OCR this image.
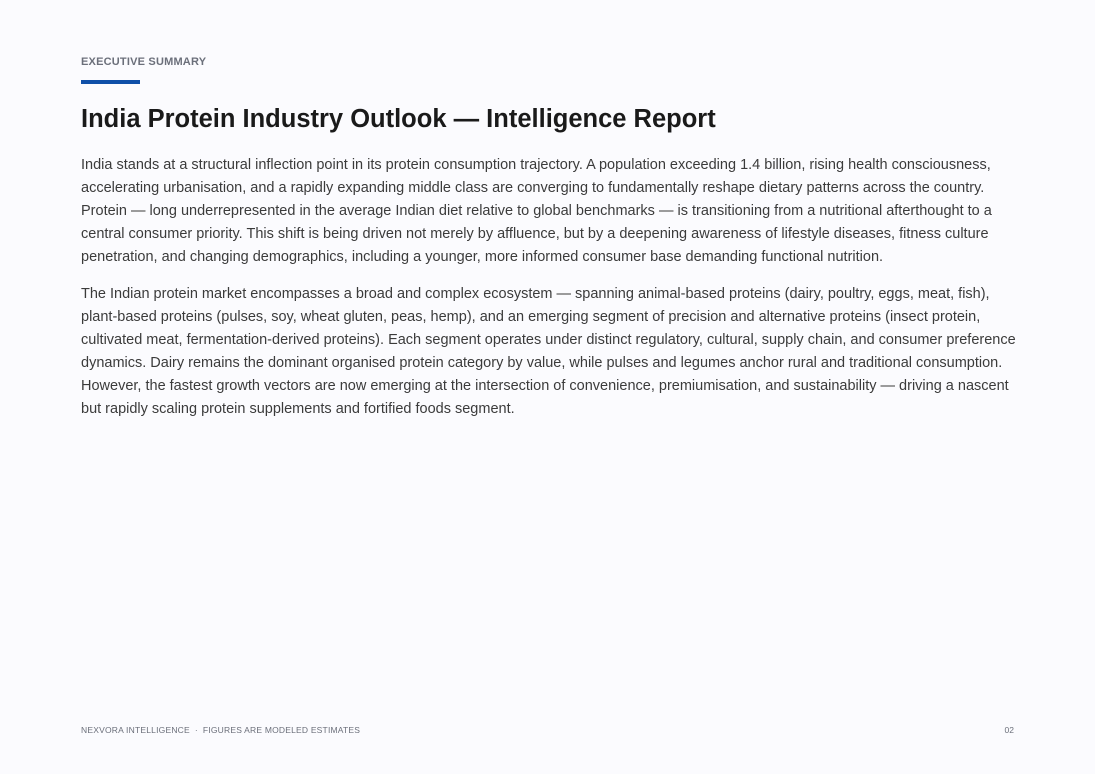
EXECUTIVE SUMMARY
India Protein Industry Outlook — Intelligence Report

India stands at a structural inflection point in its protein consumption trajectory. A population exceeding 1.4 billion, rising health consciousness, accelerating urbanisation, and a rapidly expanding middle class are converging to fundamentally reshape dietary patterns across the country. Protein — long underrepresented in the average Indian diet relative to global benchmarks — is transitioning from a nutritional afterthought to a central consumer priority. This shift is being driven not merely by affluence, but by a deepening awareness of lifestyle diseases, fitness culture penetration, and changing demographics, including a younger, more informed consumer base demanding functional nutrition.

The Indian protein market encompasses a broad and complex ecosystem — spanning animal-based proteins (dairy, poultry, eggs, meat, fish), plant-based proteins (pulses, soy, wheat gluten, peas, hemp), and an emerging segment of precision and alternative proteins (insect protein, cultivated meat, fermentation-derived proteins). Each segment operates under distinct regulatory, cultural, supply chain, and consumer preference dynamics. Dairy remains the dominant organised protein category by value, while pulses and legumes anchor rural and traditional consumption. However, the fastest growth vectors are now emerging at the intersection of convenience, premiumisation, and sustainability — driving a nascent but rapidly scaling protein supplements and fortified foods segment.

NEXVORA INTELLIGENCE · FIGURES ARE MODELED ESTIMATES	02
